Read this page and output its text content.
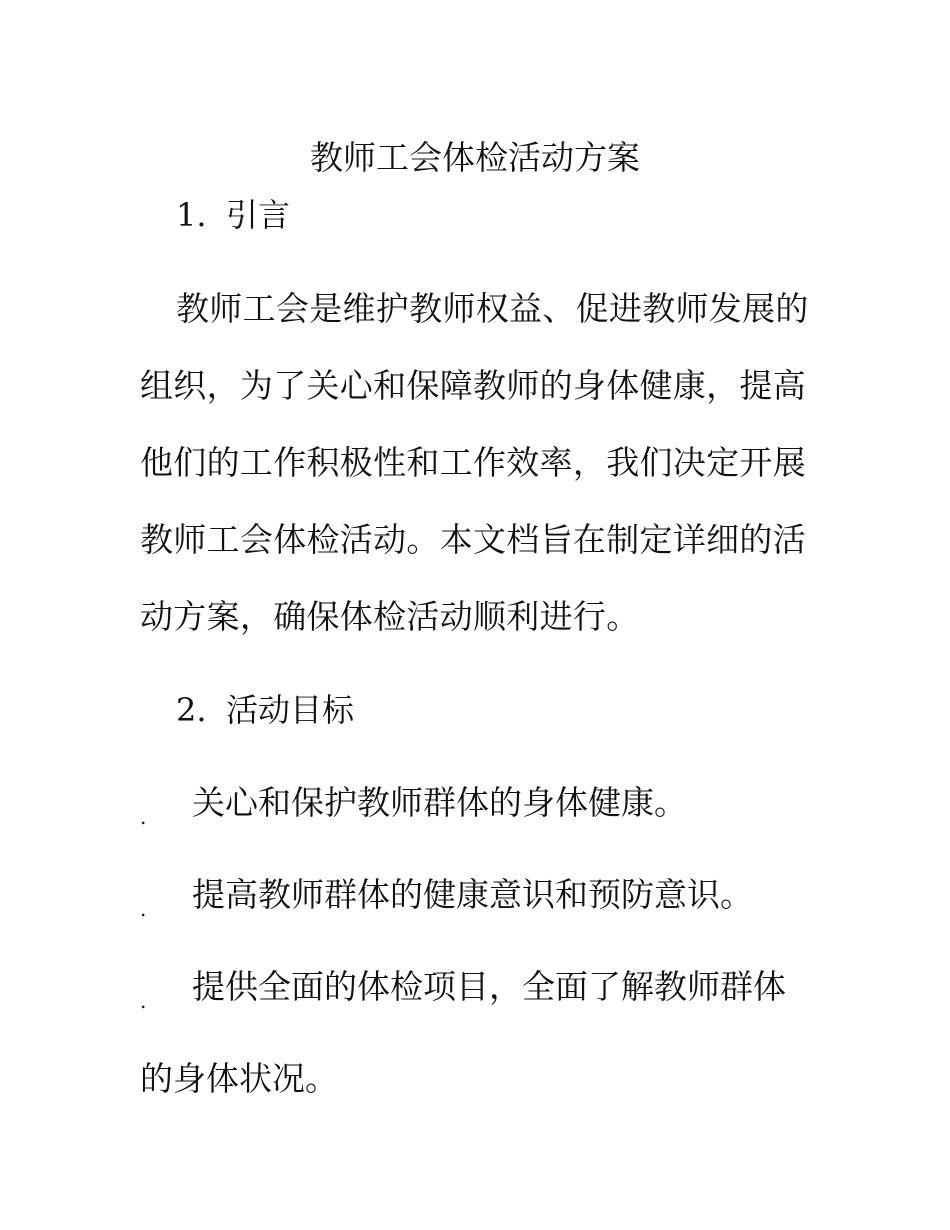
教师工会体检活动方案
1. 引言

教师工会是维护教师权益、促进教师发展的组织，为了关心和保障教师的身体健康，提高他们的工作积极性和工作效率，我们决定开展教师工会体检活动。本文档旨在制定详细的活动方案，确保体检活动顺利进行。

2. 活动目标
. 关心和保护教师群体的身体健康。
. 提高教师群体的健康意识和预防意识。
. 提供全面的体检项目，全面了解教师群体
的身体状况。
